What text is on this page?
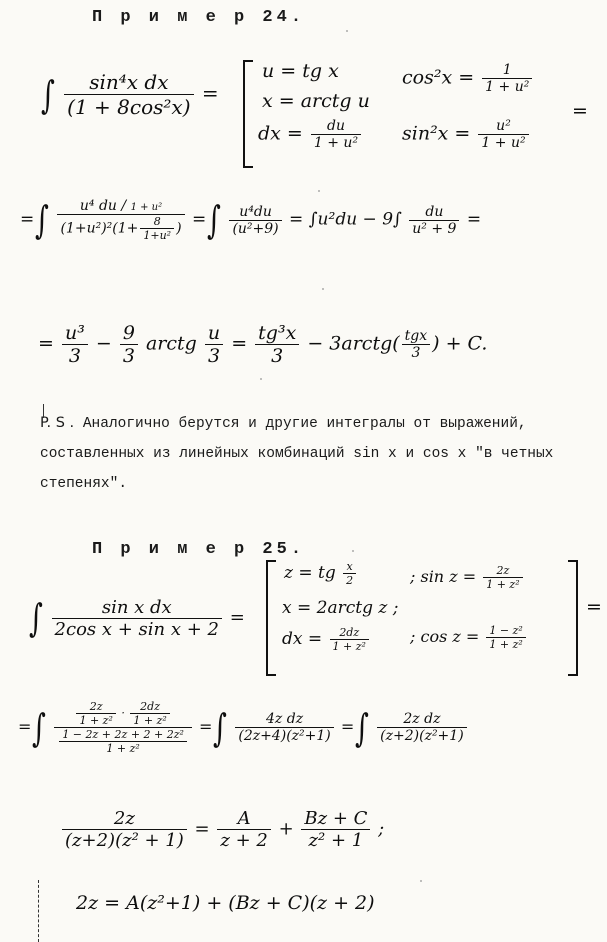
П р и м е р 24.
∫ $\frac{\text{sin⁴x dx}}{\text{(1 + 8cos²x)}}$ =
u = tg x
x = arctg u
dx = $\frac{du}{\text{1 + u²}}$
$\cos^2x = \frac{1}{\text{1 + u²}}$
$\sin^2x = \frac{\text{u²}}{\text{1 + u²}}$
=
=∫ $\frac{\text{u⁴ du / 1 + u²}}{(1+u^2)^2(1+ \frac{8}{\text{1+u²}} )}$ =∫ $\frac{\text{u⁴du}}{\text{(u²+9)}} = \int u^2du - 9\int \frac{du}{\text{u² + 9}}$ =
= $\frac{\text{u³}}{3} - \frac{9}{3}$ arctg $\frac{u}{3} = \frac{\text{tg³x}}{3}$ − 3arctg( $\frac{\text{tgx}}{3}$ ) + C.
P. S . Аналогично берутся и другие интегралы от выражений, составленных из линейных комбинаций sin x и cos x "в четных степенях".
П р и м е р 25.
∫ $\frac{\text{sin x dx}}{\text{2cos x + sin x + 2}}$ =
z = tg $\frac{x}{2}$
x = 2arctg z ;
dx = $\frac{2dz}{\text{1 + z²}}$
; $\sin z = \frac{2z}{\text{1 + z²}}$
; $\cos z = \frac{\text{1 − z²}}{\text{1 + z²}}$
=
=∫ $\frac{\frac{2z}{\text{1 + z²}} \cdot \frac{2dz}{\text{1 + z²}}}{\frac{\text{1 − 2z + 2z + 2 + 2z²}}{\text{1 + z²}}}$ =∫ $\frac{\text{4z dz}}{\text{(2z+4)(z²+1)}}$ =∫ $\frac{\text{2z dz}}{\text{(z+2)(z²+1)}}$
$\frac{2z}{\text{(z+2)(z² + 1)}} = \frac{A}{z + 2} + \frac{Bz + C}{\text{z² + 1}}$ ;
2z = A(z²+1) + (Bz + C)(z + 2)
